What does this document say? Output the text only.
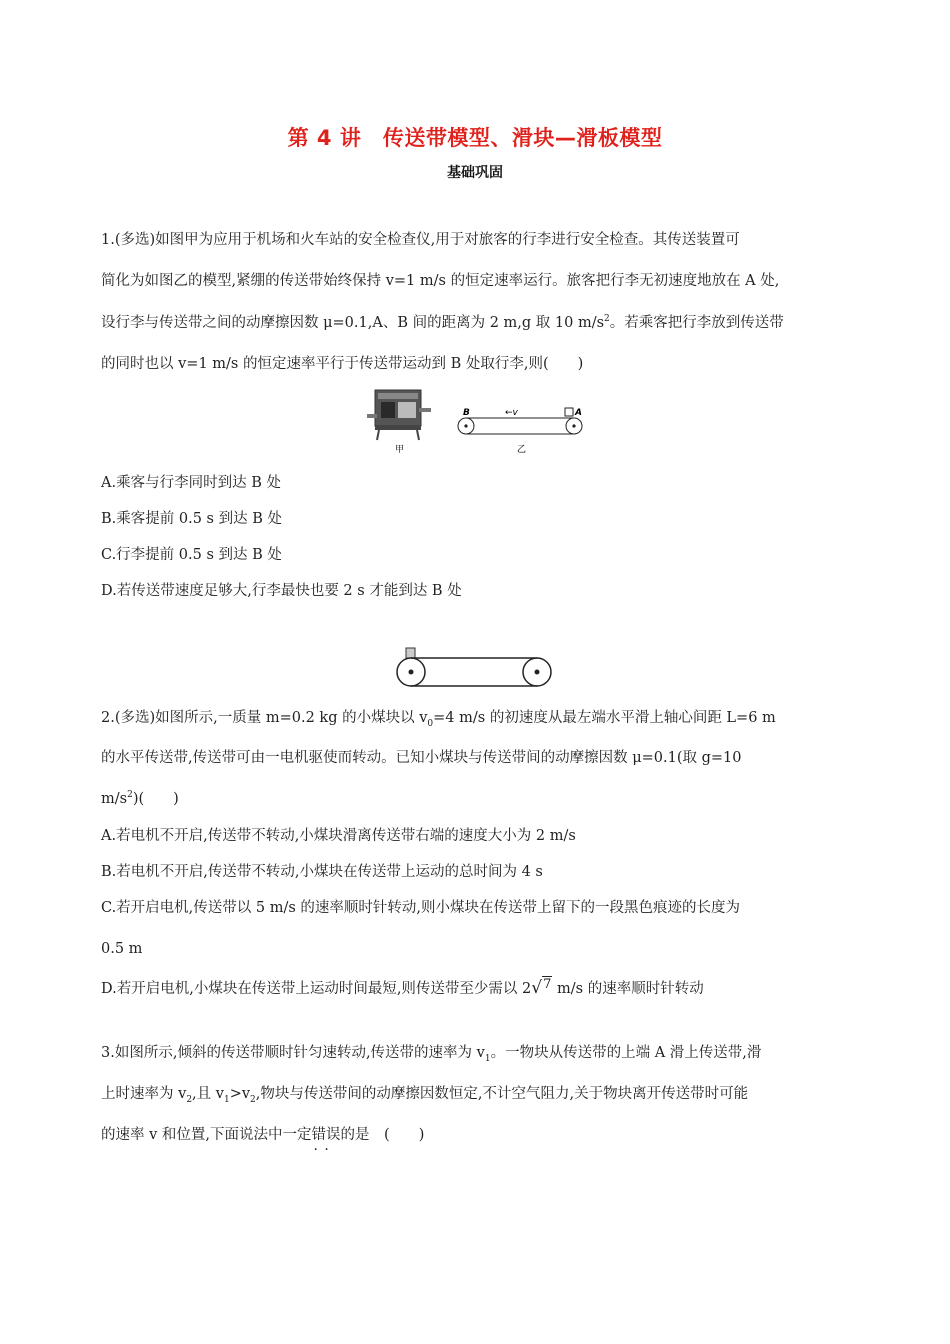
第 4 讲　传送带模型、滑块—滑板模型
基础巩固
1.(多选)如图甲为应用于机场和火车站的安全检查仪,用于对旅客的行李进行安全检查。其传送装置可
简化为如图乙的模型,紧绷的传送带始终保持 v=1 m/s 的恒定速率运行。旅客把行李无初速度地放在 A 处,
设行李与传送带之间的动摩擦因数 μ=0.1,A、B 间的距离为 2 m,g 取 10 $m/s^2$。若乘客把行李放到传送带
的同时也以 v=1 m/s 的恒定速率平行于传送带运动到 B 处取行李,则(　　)
甲
B	←v	A
乙
A.乘客与行李同时到达 B 处
B.乘客提前 0.5 s 到达 B 处
C.行李提前 0.5 s 到达 B 处
D.若传送带速度足够大,行李最快也要 2 s 才能到达 B 处
2.(多选)如图所示,一质量 m=0.2 kg 的小煤块以 $v_0=4$ m/s 的初速度从最左端水平滑上轴心间距 L=6 m
的水平传送带,传送带可由一电机驱使而转动。已知小煤块与传送带间的动摩擦因数 μ=0.1(取 g=10
$m/s^2$)(　　)
A.若电机不开启,传送带不转动,小煤块滑离传送带右端的速度大小为 2 m/s
B.若电机不开启,传送带不转动,小煤块在传送带上运动的总时间为 4 s
C.若开启电机,传送带以 5 m/s 的速率顺时针转动,则小煤块在传送带上留下的一段黑色痕迹的长度为
0.5 m
D.若开启电机,小煤块在传送带上运动时间最短,则传送带至少需以 2√7 m/s 的速率顺时针转动
3.如图所示,倾斜的传送带顺时针匀速转动,传送带的速率为 $v_1$。一物块从传送带的上端 A 滑上传送带,滑
上时速率为 $v_2$,且 $v_1>v_2$,物块与传送带间的动摩擦因数恒定,不计空气阻力,关于物块离开传送带时可能
的速率 v 和位置,下面说法中一定错误 · ·的是　(　　)
